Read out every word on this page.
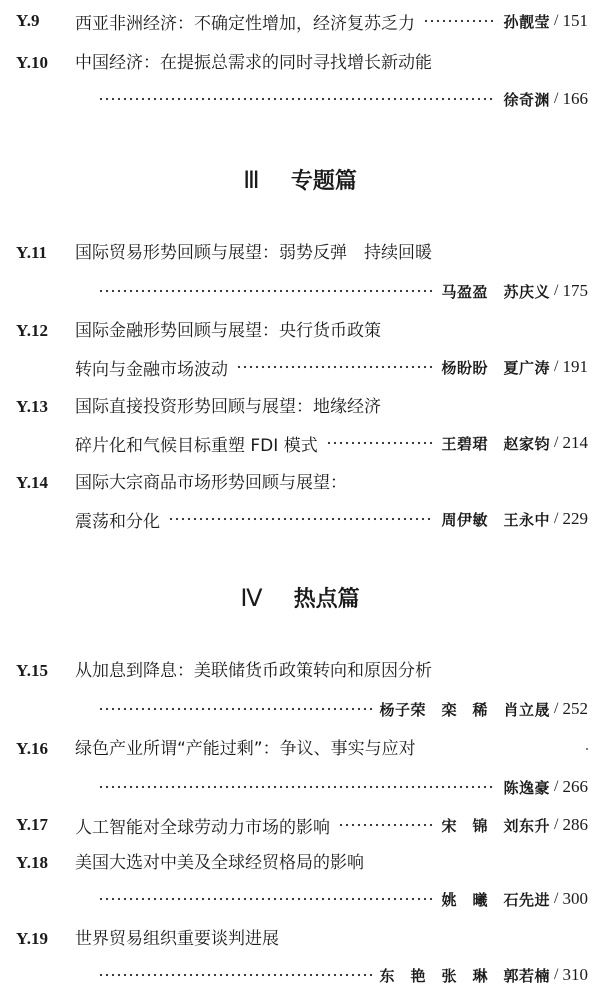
Y.9 西亚非洲经济：不确定性增加，经济复苏乏力	孙靓莹 / 151
Y.10 中国经济：在提振总需求的同时寻找增长新动能
徐奇渊 / 166
Ⅲ 专题篇
Y.11 国际贸易形势回顾与展望：弱势反弹　持续回暖
马盈盈　苏庆义 / 175
Y.12 国际金融形势回顾与展望：央行货币政策
转向与金融市场波动	杨盼盼　夏广涛 / 191
Y.13 国际直接投资形势回顾与展望：地缘经济
碎片化和气候目标重塑 FDI 模式	王碧珺　赵家钧 / 214
Y.14 国际大宗商品市场形势回顾与展望：
震荡和分化	周伊敏　王永中 / 229
Ⅳ 热点篇
Y.15 从加息到降息：美联储货币政策转向和原因分析
杨子荣　栾　稀　肖立晟 / 252
Y.16 绿色产业所谓“产能过剩”：争议、事实与应对
陈逸豪 / 266
Y.17 人工智能对全球劳动力市场的影响	宋　锦　刘东升 / 286
Y.18 美国大选对中美及全球经贸格局的影响
姚　曦　石先进 / 300
Y.19 世界贸易组织重要谈判进展
东　艳　张　琳　郭若楠 / 310
